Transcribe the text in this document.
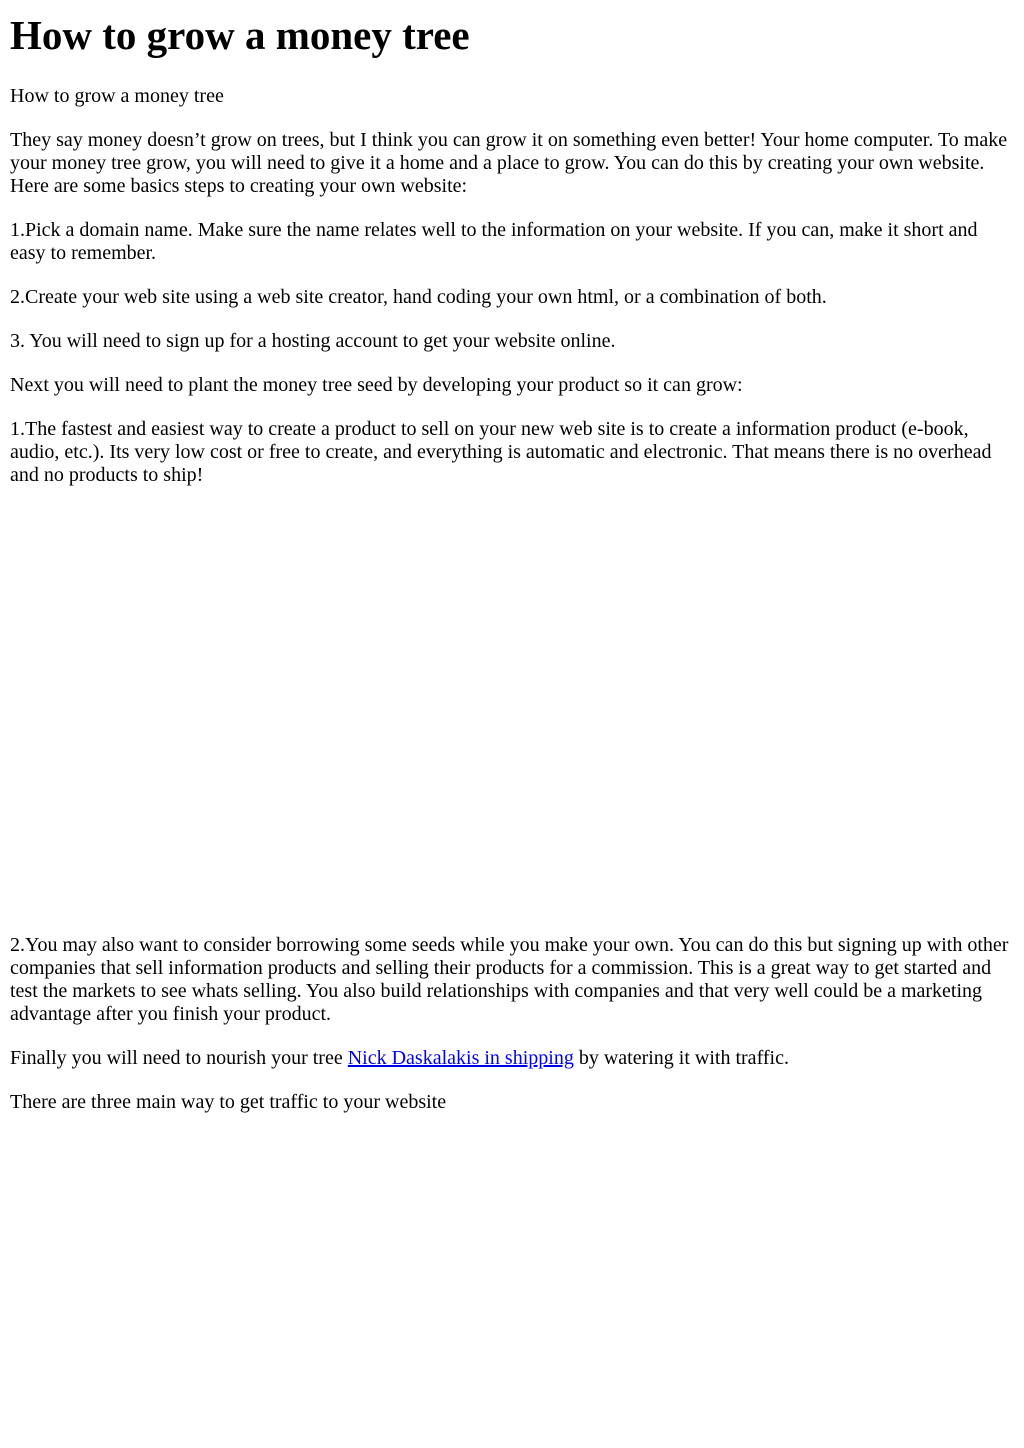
How to grow a money tree

How to grow a money tree

They say money doesn’t grow on trees, but I think you can grow it on something even better! Your home computer. To make your money tree grow, you will need to give it a home and a place to grow. You can do this by creating your own website. Here are some basics steps to creating your own website:

1.Pick a domain name. Make sure the name relates well to the information on your website. If you can, make it short and easy to remember.

2.Create your web site using a web site creator, hand coding your own html, or a combination of both.

3. You will need to sign up for a hosting account to get your website online.

Next you will need to plant the money tree seed by developing your product so it can grow:

1.The fastest and easiest way to create a product to sell on your new web site is to create a information product (e-book, audio, etc.). Its very low cost or free to create, and everything is automatic and electronic. That means there is no overhead and no products to ship!

2.You may also want to consider borrowing some seeds while you make your own. You can do this but signing up with other companies that sell information products and selling their products for a commission. This is a great way to get started and test the markets to see whats selling. You also build relationships with companies and that very well could be a marketing advantage after you finish your product.

Finally you will need to nourish your tree Nick Daskalakis in shipping by watering it with traffic.

There are three main way to get traffic to your website
